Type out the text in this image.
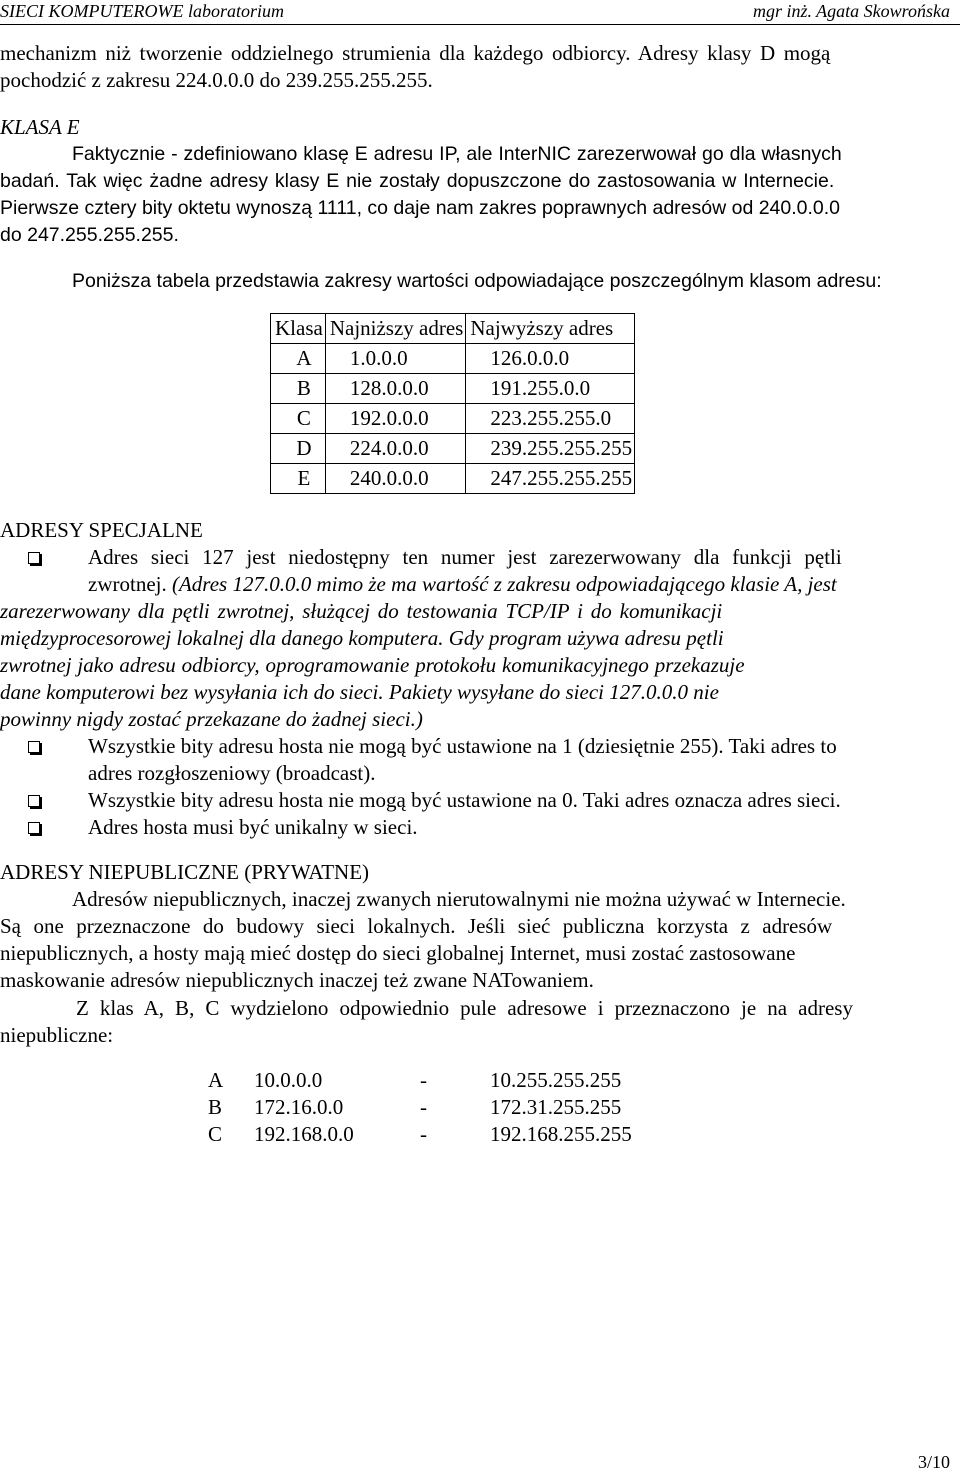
SIECI KOMPUTEROWE laboratorium	mgr inż. Agata Skowrońska
mechanizm niż tworzenie oddzielnego strumienia dla każdego odbiorcy. Adresy klasy D mogą
pochodzić z zakresu 224.0.0.0 do 239.255.255.255.
KLASA E
Faktycznie - zdefiniowano klasę E adresu IP, ale InterNIC zarezerwował go dla własnych
badań. Tak więc żadne adresy klasy E nie zostały dopuszczone do zastosowania w Internecie.
Pierwsze cztery bity oktetu wynoszą 1111, co daje nam zakres poprawnych adresów od 240.0.0.0
do 247.255.255.255.
Poniższa tabela przedstawia zakresy wartości odpowiadające poszczególnym klasom adresu:
Klasa	Najniższy adres	Najwyższy adres
A	1.0.0.0	126.0.0.0
B	128.0.0.0	191.255.0.0
C	192.0.0.0	223.255.255.0
D	224.0.0.0	239.255.255.255
E	240.0.0.0	247.255.255.255
ADRESY SPECJALNE
Adres sieci 127 jest niedostępny ten numer jest zarezerwowany dla funkcji pętli
zwrotnej. (Adres 127.0.0.0 mimo że ma wartość z zakresu odpowiadającego klasie A, jest
zarezerwowany dla pętli zwrotnej, służącej do testowania TCP/IP i do komunikacji
międzyprocesorowej lokalnej dla danego komputera. Gdy program używa adresu pętli
zwrotnej jako adresu odbiorcy, oprogramowanie protokołu komunikacyjnego przekazuje
dane komputerowi bez wysyłania ich do sieci. Pakiety wysyłane do sieci 127.0.0.0 nie
powinny nigdy zostać przekazane do żadnej sieci.)
Wszystkie bity adresu hosta nie mogą być ustawione na 1 (dziesiętnie 255). Taki adres to
adres rozgłoszeniowy (broadcast).
Wszystkie bity adresu hosta nie mogą być ustawione na 0. Taki adres oznacza adres sieci.
Adres hosta musi być unikalny w sieci.
ADRESY NIEPUBLICZNE (PRYWATNE)
Adresów niepublicznych, inaczej zwanych nierutowalnymi nie można używać w Internecie.
Są one przeznaczone do budowy sieci lokalnych. Jeśli sieć publiczna korzysta z adresów
niepublicznych, a hosty mają mieć dostęp do sieci globalnej Internet, musi zostać zastosowane
maskowanie adresów niepublicznych inaczej też zwane NATowaniem.
Z klas A, B, C wydzielono odpowiednio pule adresowe i przeznaczono je na adresy
niepubliczne:
A 10.0.0.0	-	10.255.255.255
B 172.16.0.0	-	172.31.255.255
C 192.168.0.0	-	192.168.255.255
3/10
